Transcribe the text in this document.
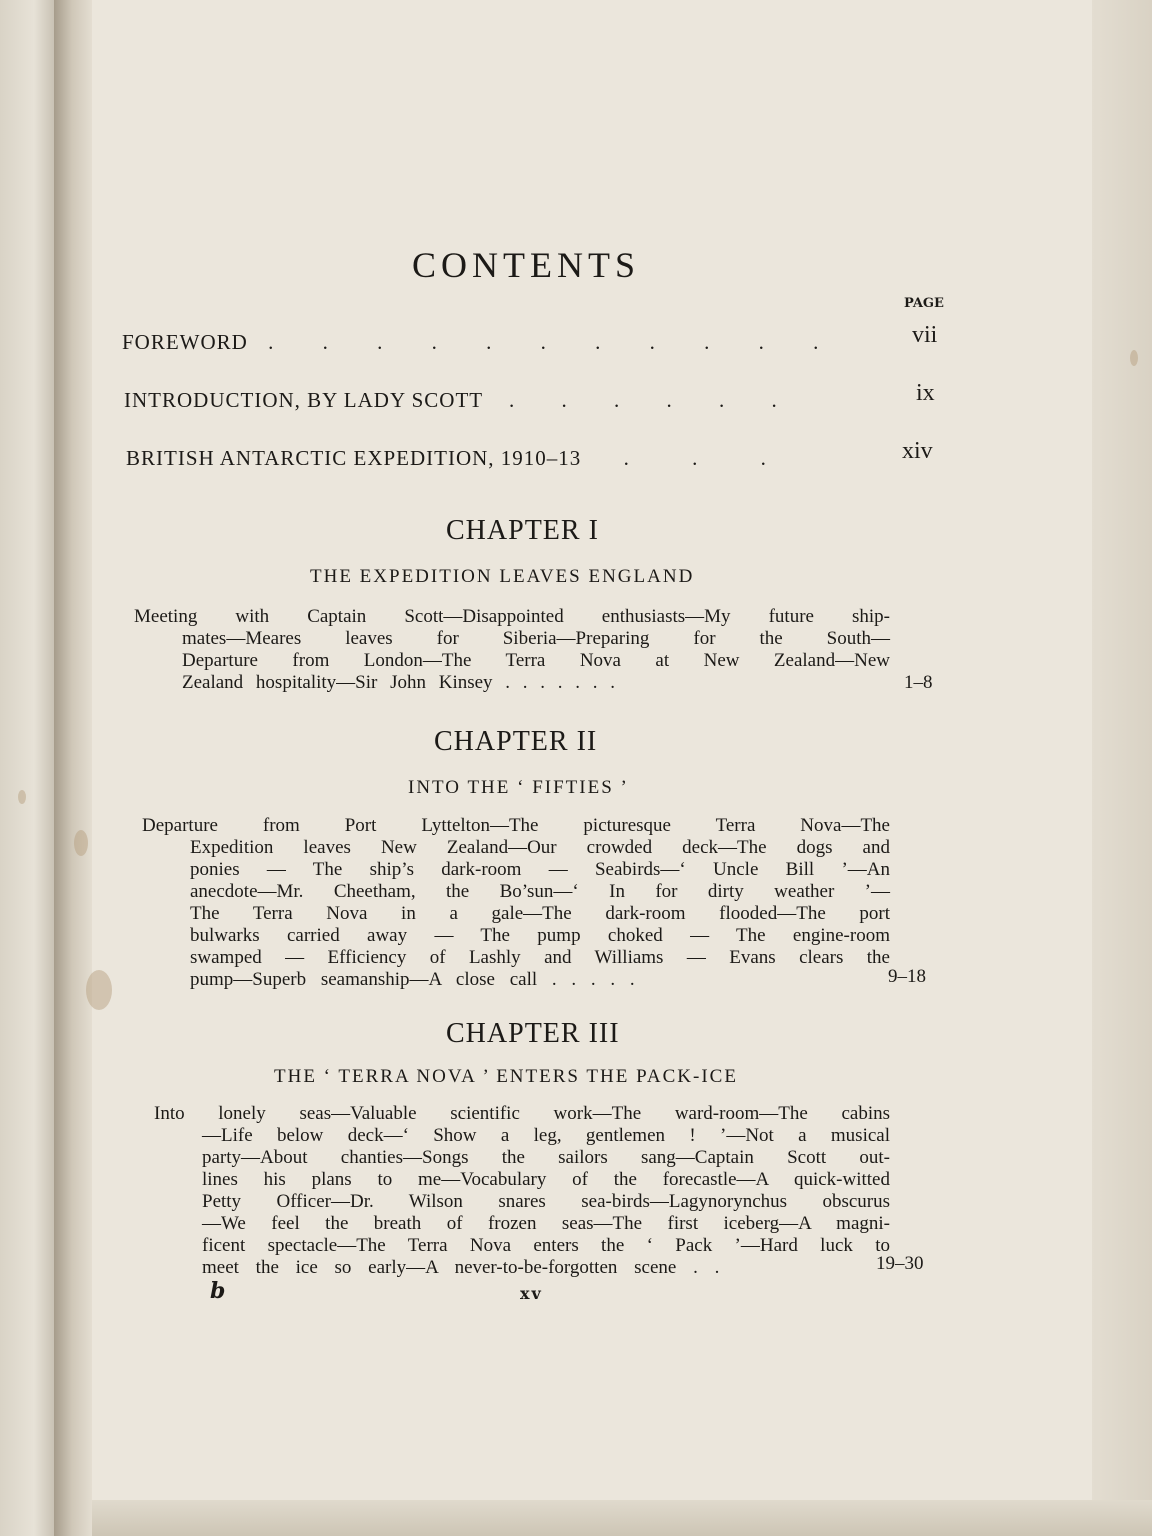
CONTENTS
PAGE
FOREWORD . . . . . . . . . . .	vii
INTRODUCTION, BY LADY SCOTT . . . . . .	ix
BRITISH ANTARCTIC EXPEDITION, 1910–13 . . .	xiv
CHAPTER I
THE EXPEDITION LEAVES ENGLAND
Meeting with Captain Scott—Disappointed enthusiasts—My future ship-
mates—Meares leaves for Siberia—Preparing for the South—
Departure from London—The Terra Nova at New Zealand—New
Zealand hospitality—Sir John Kinsey . . . . . . .	1–8
CHAPTER II
INTO THE ‘ FIFTIES ’
Departure from Port Lyttelton—The picturesque Terra Nova—The
Expedition leaves New Zealand—Our crowded deck—The dogs and
ponies — The ship’s dark-room — Seabirds—‘ Uncle Bill ’—An
anecdote—Mr. Cheetham, the Bo’sun—‘ In for dirty weather ’—
The Terra Nova in a gale—The dark-room flooded—The port
bulwarks carried away — The pump choked — The engine-room
swamped — Efficiency of Lashly and Williams — Evans clears the
pump—Superb seamanship—A close call . . . . .	9–18
CHAPTER III
THE ‘ TERRA NOVA ’ ENTERS THE PACK-ICE
Into lonely seas—Valuable scientific work—The ward-room—The cabins
—Life below deck—‘ Show a leg, gentlemen ! ’—Not a musical
party—About chanties—Songs the sailors sang—Captain Scott out-
lines his plans to me—Vocabulary of the forecastle—A quick-witted
Petty Officer—Dr. Wilson snares sea-birds—Lagynorynchus obscurus
—We feel the breath of frozen seas—The first iceberg—A magni-
ficent spectacle—The Terra Nova enters the ‘ Pack ’—Hard luck to
meet the ice so early—A never-to-be-forgotten scene . .	19–30
b	xv
